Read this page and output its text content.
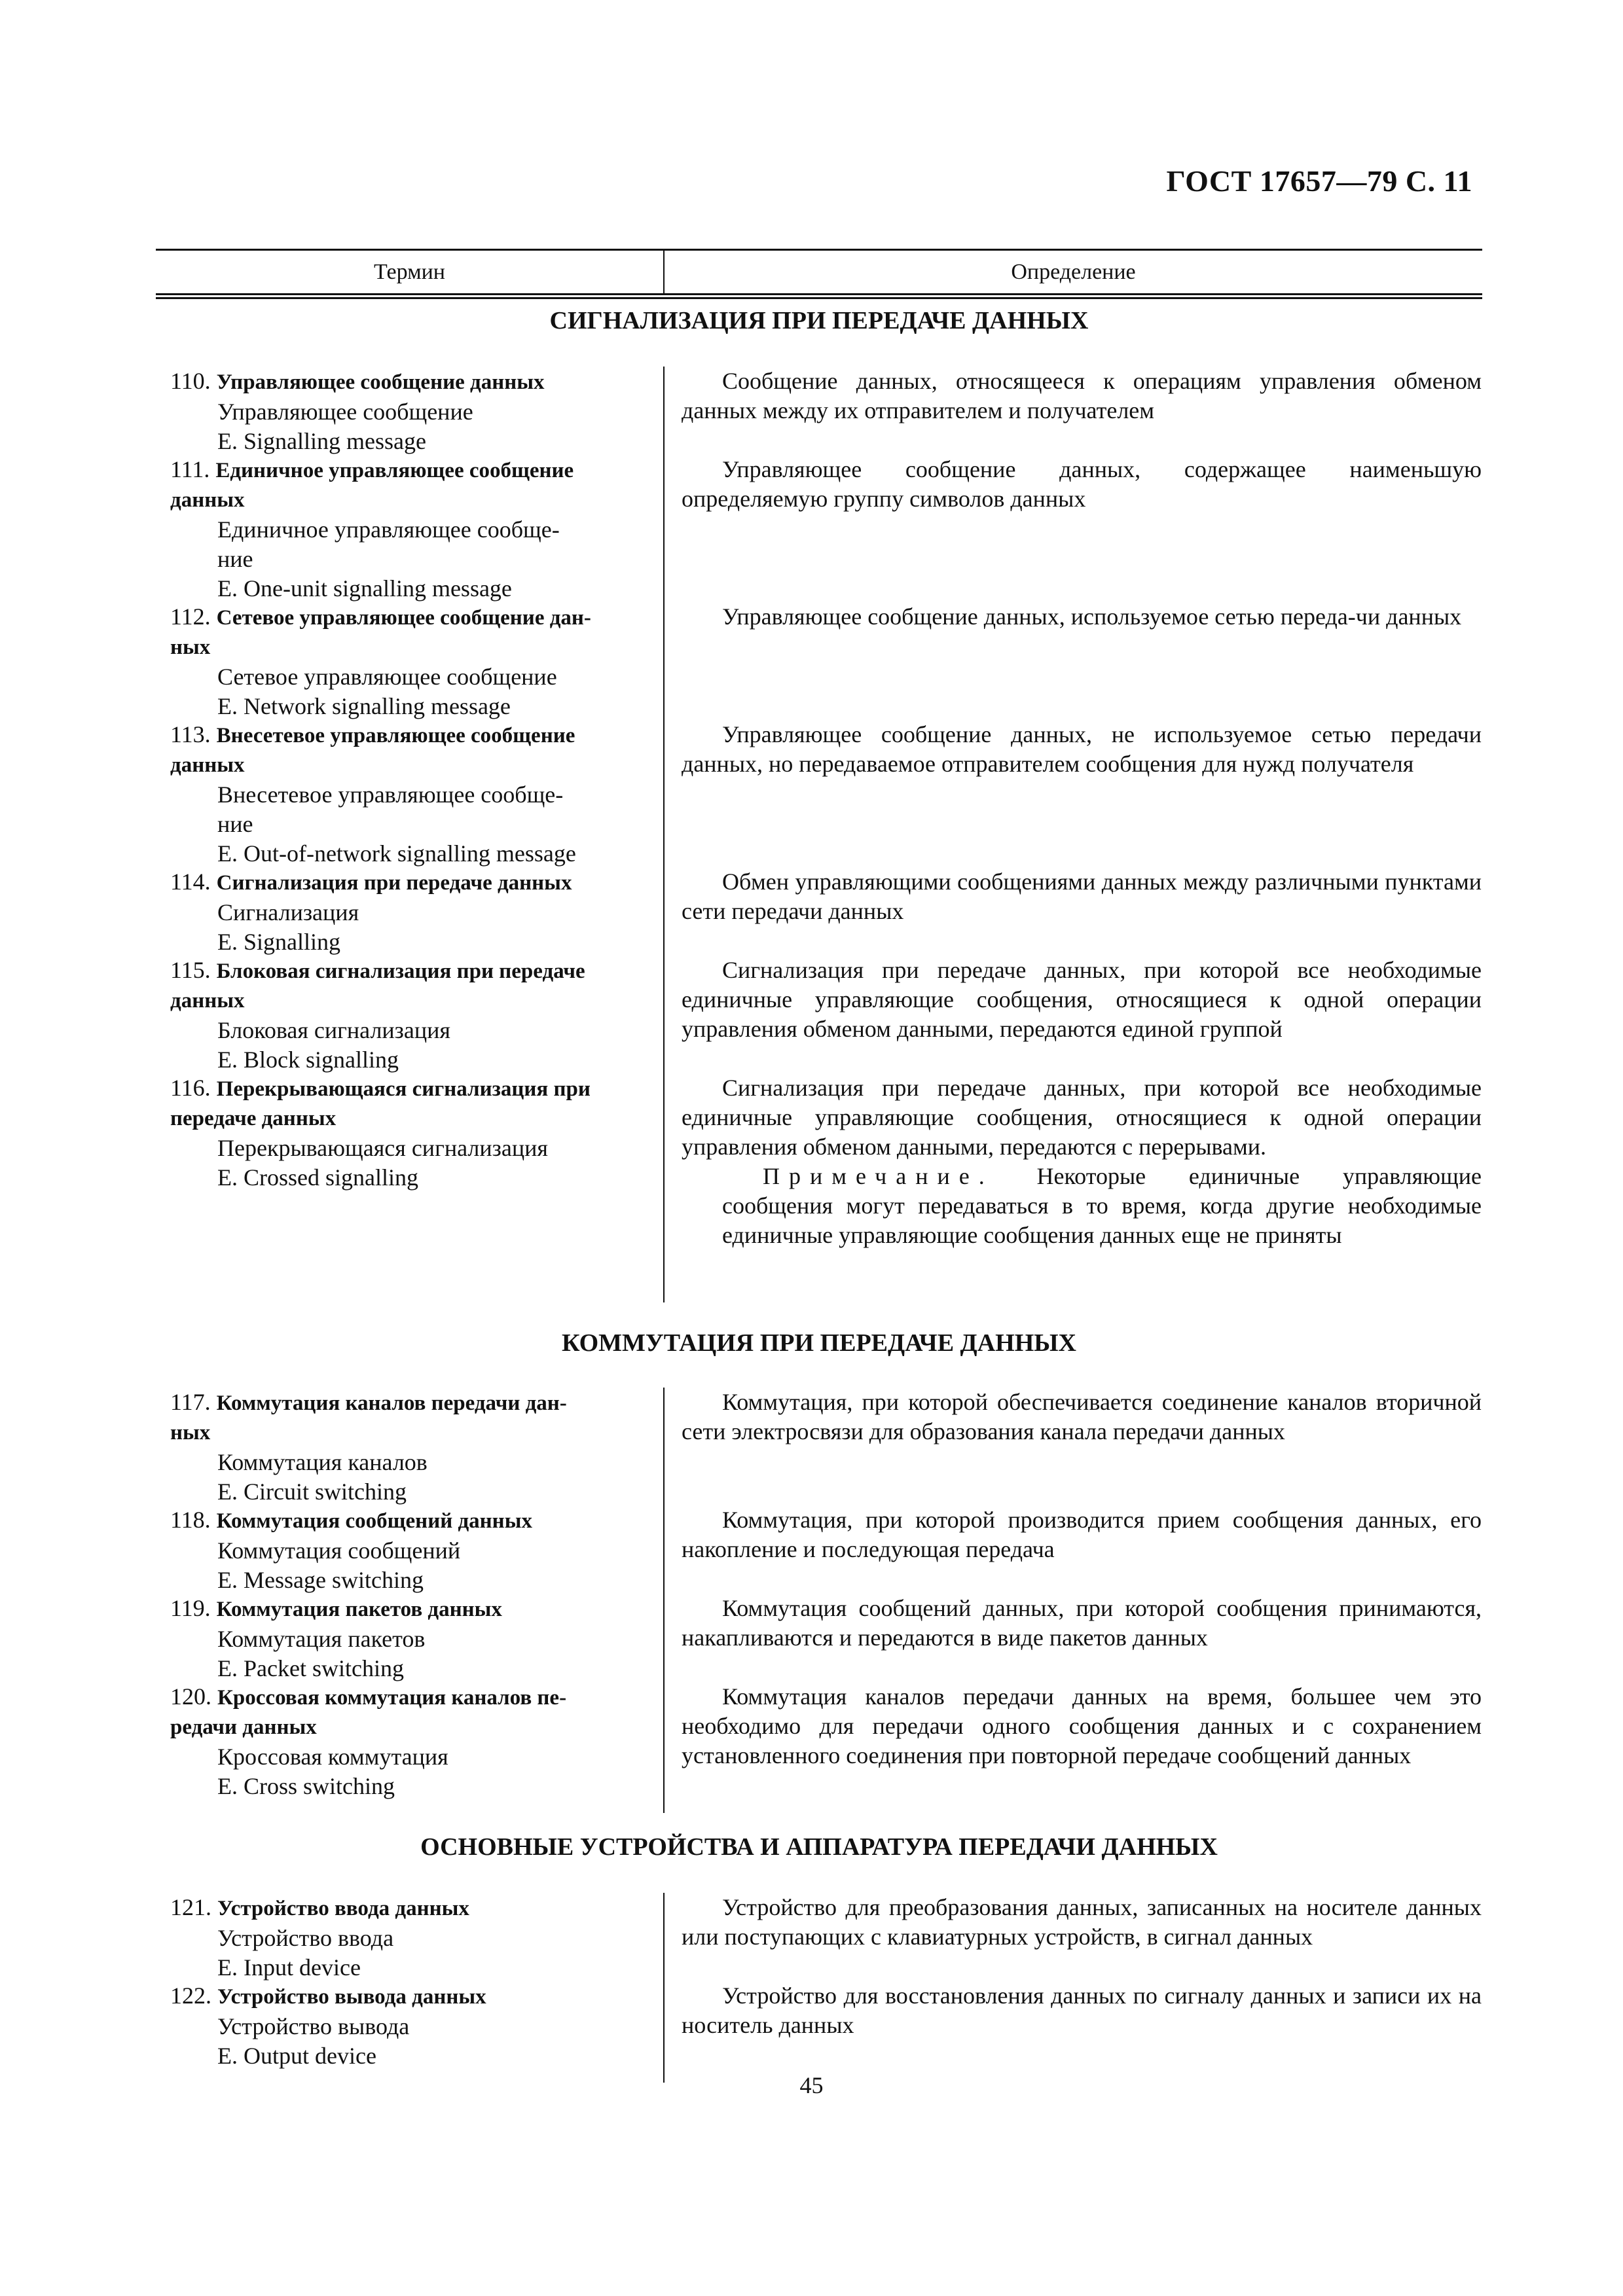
ГОСТ 17657—79 С. 11
Термин	Определение
СИГНАЛИЗАЦИЯ ПРИ ПЕРЕДАЧЕ ДАННЫХ
110. Управляющее сообщение данных
Управляющее сообщение
E. Signalling message

Сообщение данных, относящееся к операциям управления обменом данных между их отправителем и получателем

111. Единичное управляющее сообщение
данных
Единичное управляющее сообще-
ние
E. One-unit signalling message

Управляющее сообщение данных, содержащее наименьшую определяемую группу символов данных

112. Сетевое управляющее сообщение дан-
ных
Сетевое управляющее сообщение
E. Network signalling message

Управляющее сообщение данных, используемое сетью переда-чи данных

113. Внесетевое управляющее сообщение
данных
Внесетевое управляющее сообще-
ние
E. Out-of-network signalling message

Управляющее сообщение данных, не используемое сетью передачи данных, но передаваемое отправителем сообщения для нужд получателя

114. Сигнализация при передаче данных
Сигнализация
E. Signalling

Обмен управляющими сообщениями данных между различными пунктами сети передачи данных

115. Блоковая сигнализация при передаче
данных
Блоковая сигнализация
E. Block signalling

Сигнализация при передаче данных, при которой все необходимые единичные управляющие сообщения, относящиеся к одной операции управления обменом данными, передаются единой группой

116. Перекрывающаяся сигнализация при
передаче данных
Перекрывающаяся сигнализация
E. Crossed signalling

Сигнализация при передаче данных, при которой все необходимые единичные управляющие сообщения, относящиеся к одной операции управления обменом данными, передаются с перерывами.

Примечание. Некоторые единичные управляющие сообщения могут передаваться в то время, когда другие необходимые единичные управляющие сообщения данных еще не приняты

КОММУТАЦИЯ ПРИ ПЕРЕДАЧЕ ДАННЫХ
117. Коммутация каналов передачи дан-
ных
Коммутация каналов
E. Circuit switching

Коммутация, при которой обеспечивается соединение каналов вторичной сети электросвязи для образования канала передачи данных

118. Коммутация сообщений данных
Коммутация сообщений
E. Message switching

Коммутация, при которой производится прием сообщения данных, его накопление и последующая передача

119. Коммутация пакетов данных
Коммутация пакетов
E. Packet switching

Коммутация сообщений данных, при которой сообщения принимаются, накапливаются и передаются в виде пакетов данных

120. Кроссовая коммутация каналов пе-
редачи данных
Кроссовая коммутация
E. Cross switching

Коммутация каналов передачи данных на время, большее чем это необходимо для передачи одного сообщения данных и с сохранением установленного соединения при повторной передаче сообщений данных

ОСНОВНЫЕ УСТРОЙСТВА И АППАРАТУРА ПЕРЕДАЧИ ДАННЫХ
121. Устройство ввода данных
Устройство ввода
E. Input device

Устройство для преобразования данных, записанных на носителе данных или поступающих с клавиатурных устройств, в сигнал данных

122. Устройство вывода данных
Устройство вывода
E. Output device

Устройство для восстановления данных по сигналу данных и записи их на носитель данных

45
